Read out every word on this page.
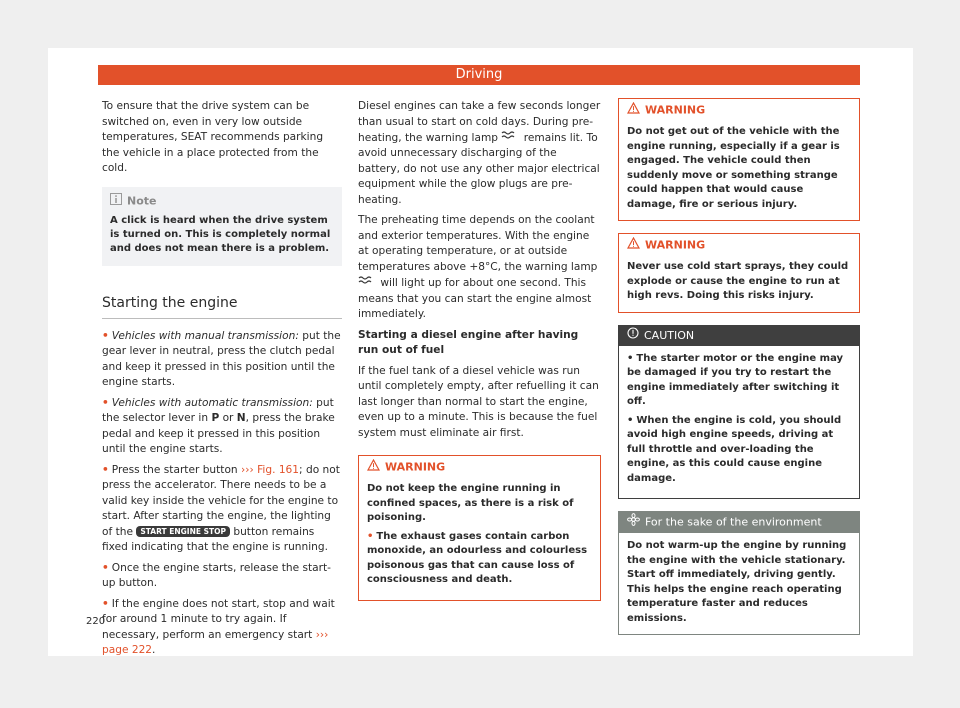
Driving

To ensure that the drive system can be switched on, even in very low outside temperatures, SEAT recommends parking the vehicle in a place protected from the cold.

Note
A click is heard when the drive system is turned on. This is completely normal and does not mean there is a problem.
Starting the engine

• Vehicles with manual transmission: put the gear lever in neutral, press the clutch pedal and keep it pressed in this position until the engine starts.

• Vehicles with automatic transmission: put the selector lever in P or N, press the brake pedal and keep it pressed in this position until the engine starts.

• Press the starter button ››› Fig. 161; do not press the accelerator. There needs to be a valid key inside the vehicle for the engine to start. After starting the engine, the lighting of the START ENGINE STOP button remains fixed indicating that the engine is running.

• Once the engine starts, release the start-up button.

• If the engine does not start, stop and wait for around 1 minute to try again. If necessary, perform an emergency start ››› page 222.

Diesel engines can take a few seconds longer than usual to start on cold days. During pre-heating, the warning lamp  remains lit. To avoid unnecessary discharging of the battery, do not use any other major electrical equipment while the glow plugs are pre-heating.

The preheating time depends on the coolant and exterior temperatures. With the engine at operating temperature, or at outside temperatures above +8°C, the warning lamp  will light up for about one second. This means that you can start the engine almost immediately.

Starting a diesel engine after having run out of fuel

If the fuel tank of a diesel vehicle was run until completely empty, after refuelling it can last longer than normal to start the engine, even up to a minute. This is because the fuel system must eliminate air first.

WARNING
Do not keep the engine running in confined spaces, as there is a risk of poisoning.
• The exhaust gases contain carbon monoxide, an odourless and colourless poisonous gas that can cause loss of consciousness and death.
WARNING
Do not get out of the vehicle with the engine running, especially if a gear is engaged. The vehicle could then suddenly move or something strange could happen that would cause damage, fire or serious injury.
WARNING
Never use cold start sprays, they could explode or cause the engine to run at high revs. Doing this risks injury.
CAUTION
• The starter motor or the engine may be damaged if you try to restart the engine immediately after switching it off.
• When the engine is cold, you should avoid high engine speeds, driving at full throttle and over-loading the engine, as this could cause engine damage.
For the sake of the environment
Do not warm-up the engine by running the engine with the vehicle stationary. Start off immediately, driving gently. This helps the engine reach operating temperature faster and reduces emissions.
220
